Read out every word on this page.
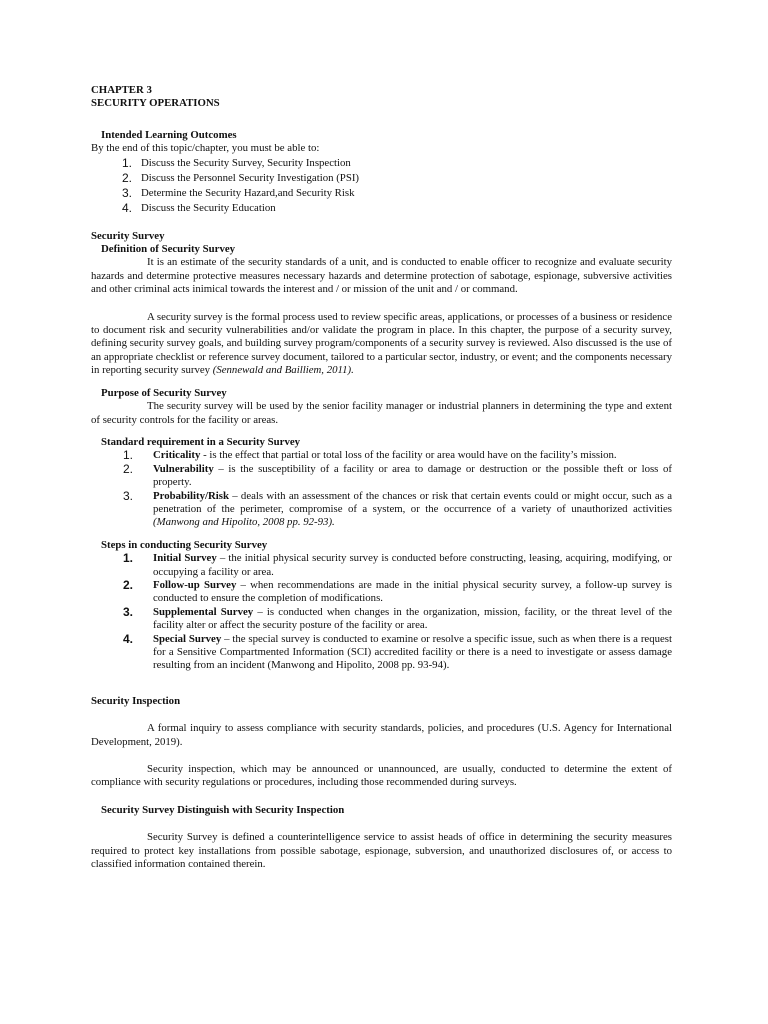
CHAPTER 3
SECURITY OPERATIONS
Intended Learning Outcomes
By the end of this topic/chapter, you must be able to:
1. Discuss the Security Survey, Security Inspection
2. Discuss the Personnel Security Investigation (PSI)
3. Determine the Security Hazard,and Security Risk
4. Discuss the Security Education
Security Survey
Definition of Security Survey

It is an estimate of the security standards of a unit, and is conducted to enable officer to recognize and evaluate security hazards and determine protective measures necessary hazards and determine protection of sabotage, espionage, subversive activities and other criminal acts inimical towards the interest and / or mission of the unit and / or command.

A security survey is the formal process used to review specific areas, applications, or processes of a business or residence to document risk and security vulnerabilities and/or validate the program in place. In this chapter, the purpose of a security survey, defining security survey goals, and building survey program/components of a security survey is reviewed. Also discussed is the use of an appropriate checklist or reference survey document, tailored to a particular sector, industry, or event; and the components necessary in reporting security survey (Sennewald and Bailliem, 2011).

Purpose of Security Survey

The security survey will be used by the senior facility manager or industrial planners in determining the type and extent of security controls for the facility or areas.

Standard requirement in a Security Survey
1.	Criticality - is the effect that partial or total loss of the facility or area would have on the facility’s mission.
2.	Vulnerability – is the susceptibility of a facility or area to damage or destruction or the possible theft or loss of property.
3.	Probability/Risk – deals with an assessment of the chances or risk that certain events could or might occur, such as a penetration of the perimeter, compromise of a system, or the occurrence of a variety of unauthorized activities (Manwong and Hipolito, 2008 pp. 92-93).
Steps in conducting Security Survey
1.	Initial Survey – the initial physical security survey is conducted before constructing, leasing, acquiring, modifying, or occupying a facility or area.
2.	Follow-up Survey – when recommendations are made in the initial physical security survey, a follow-up survey is conducted to ensure the completion of modifications.
3.	Supplemental Survey – is conducted when changes in the organization, mission, facility, or the threat level of the facility alter or affect the security posture of the facility or area.
4.	Special Survey – the special survey is conducted to examine or resolve a specific issue, such as when there is a request for a Sensitive Compartmented Information (SCI) accredited facility or there is a need to investigate or assess damage resulting from an incident (Manwong and Hipolito, 2008 pp. 93-94).
Security Inspection

A formal inquiry to assess compliance with security standards, policies, and procedures (U.S. Agency for International Development, 2019).

Security inspection, which may be announced or unannounced, are usually, conducted to determine the extent of compliance with security regulations or procedures, including those recommended during surveys.

Security Survey Distinguish with Security Inspection

Security Survey is defined a counterintelligence service to assist heads of office in determining the security measures required to protect key installations from possible sabotage, espionage, subversion, and unauthorized disclosures of, or access to classified information contained therein.
